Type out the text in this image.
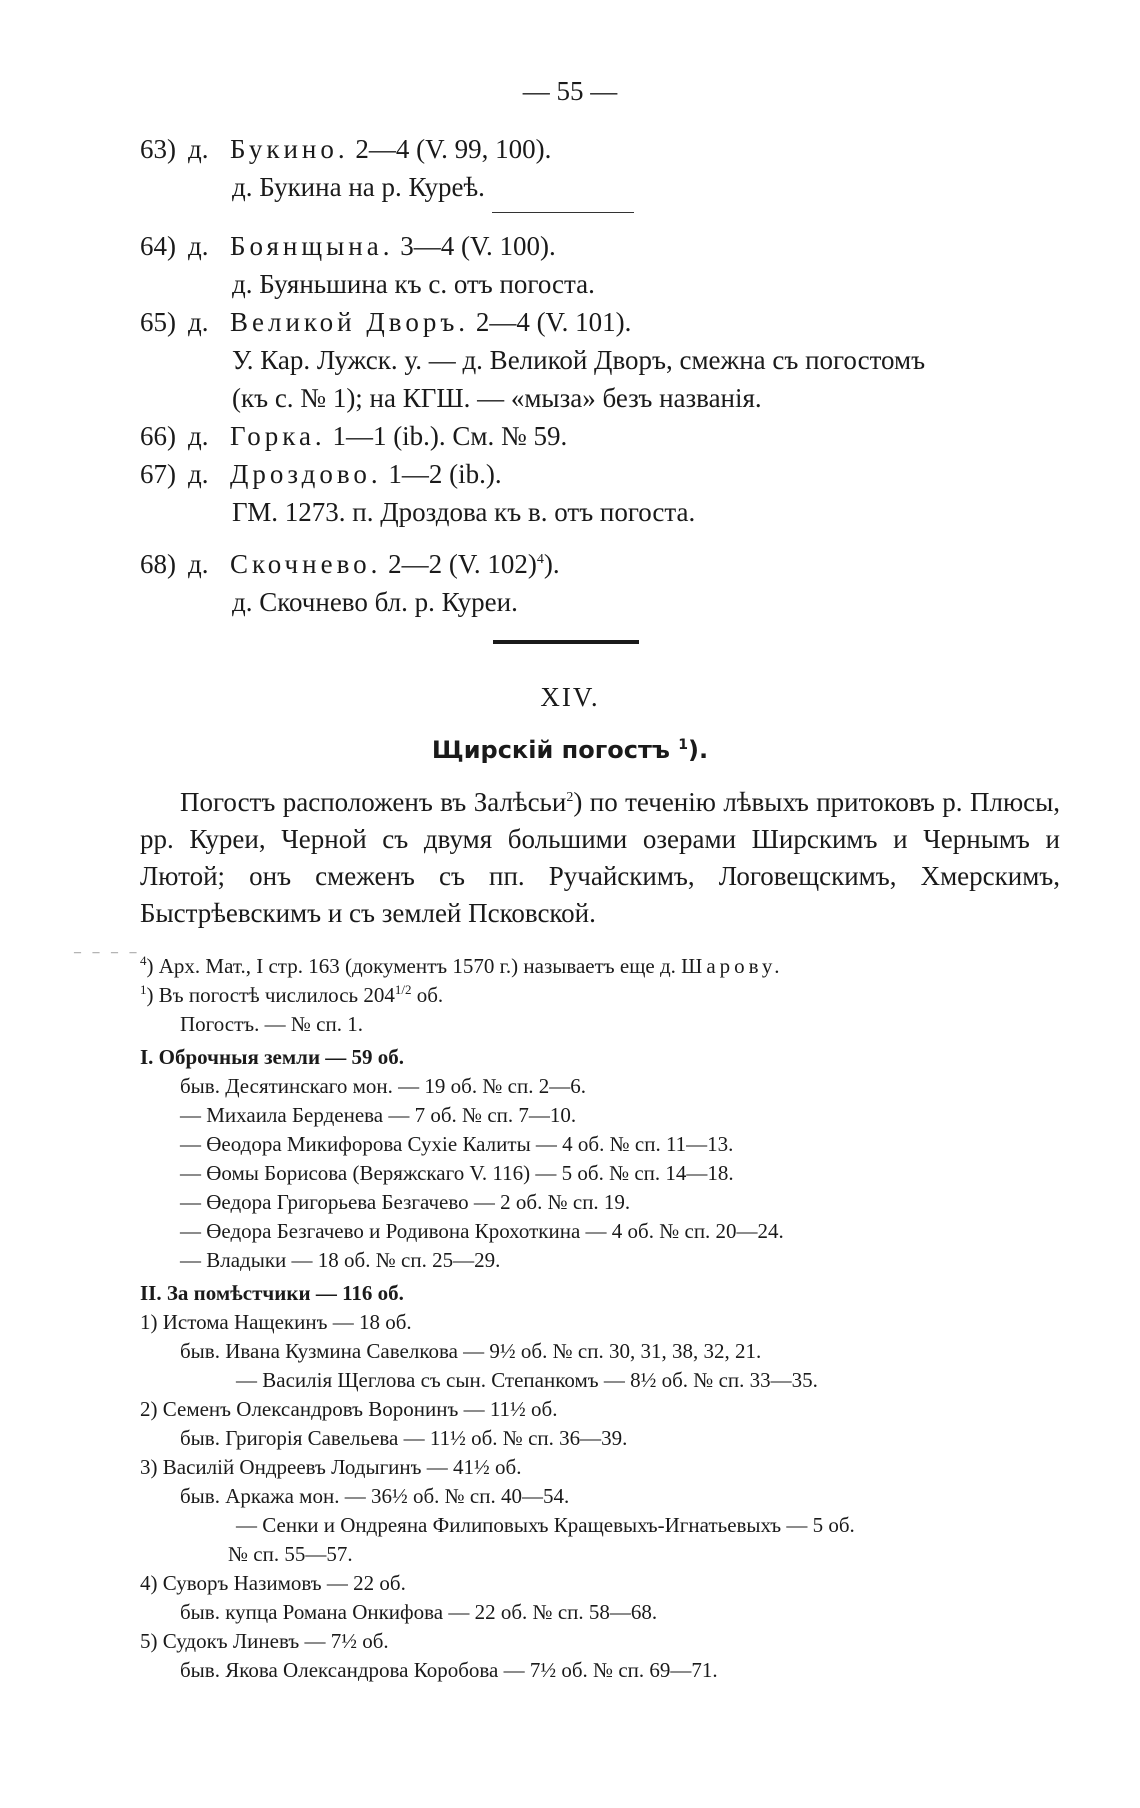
— 55 —
63) д. Букино. 2—4 (V. 99, 100).
д. Букина на р. Куреѣ.
64) д. Боянщына. 3—4 (V. 100).
д. Буяньшина къ с. отъ погоста.
65) д. Великой Дворъ. 2—4 (V. 101).
У. Кар. Лужск. у. — д. Великой Дворъ, смежна съ погостомъ
(къ с. № 1); на КГШ. — «мыза» безъ названія.
66) д. Горка. 1—1 (ib.). См. № 59.
67) д. Дроздово. 1—2 (ib.).
ГМ. 1273. п. Дроздова къ в. отъ погоста.
68) д. Скочнево. 2—2 (V. 102)$^4$).
д. Скочнево бл. р. Куреи.
XIV.
Щирскій погостъ $^1$).
Погостъ расположенъ въ Залѣсьи$^2$) по теченію лѣвыхъ притоковъ р. Плюсы, рр. Куреи, Черной съ двумя большими озерами Ширскимъ и Чернымъ и Лютой; онъ смеженъ съ пп. Ручайскимъ, Логовещскимъ, Хмерскимъ, Быстрѣевскимъ и съ землей Псковской.
– – – –
$^4$) Арх. Мат., I стр. 163 (документъ 1570 г.) называетъ еще д. Шарову.
$^1$) Въ погостѣ числилось $204^{1/2}$ об.
Погостъ. — № сп. 1.
I. Оброчныя земли — 59 об.
быв. Десятинскаго мон. — 19 об. № сп. 2—6.
— Михаила Берденева — 7 об. № сп. 7—10.
— Өеодора Микифорова Сухіе Калиты — 4 об. № сп. 11—13.
— Өомы Борисова (Веряжскаго V. 116) — 5 об. № сп. 14—18.
— Өедора Григорьева Безгачево — 2 об. № сп. 19.
— Өедора Безгачево и Родивона Крохоткина — 4 об. № сп. 20—24.
— Владыки — 18 об. № сп. 25—29.
II. За помѣстчики — 116 об.
1) Истома Нащекинъ — 18 об.
быв. Ивана Кузмина Савелкова — 9½ об. № сп. 30, 31, 38, 32, 21.
— Василія Щеглова съ сын. Степанкомъ — 8½ об. № сп. 33—35.
2) Семенъ Олександровъ Воронинъ — 11½ об.
быв. Григорія Савельева — 11½ об. № сп. 36—39.
3) Василій Ондреевъ Лодыгинъ — 41½ об.
быв. Аркажа мон. — 36½ об. № сп. 40—54.
— Сенки и Ондреяна Филиповыхъ Кращевыхъ-Игнатьевыхъ — 5 об.
№ сп. 55—57.
4) Суворъ Назимовъ — 22 об.
быв. купца Романа Онкифова — 22 об. № сп. 58—68.
5) Судокъ Линевъ — 7½ об.
быв. Якова Олександрова Коробова — 7½ об. № сп. 69—71.
